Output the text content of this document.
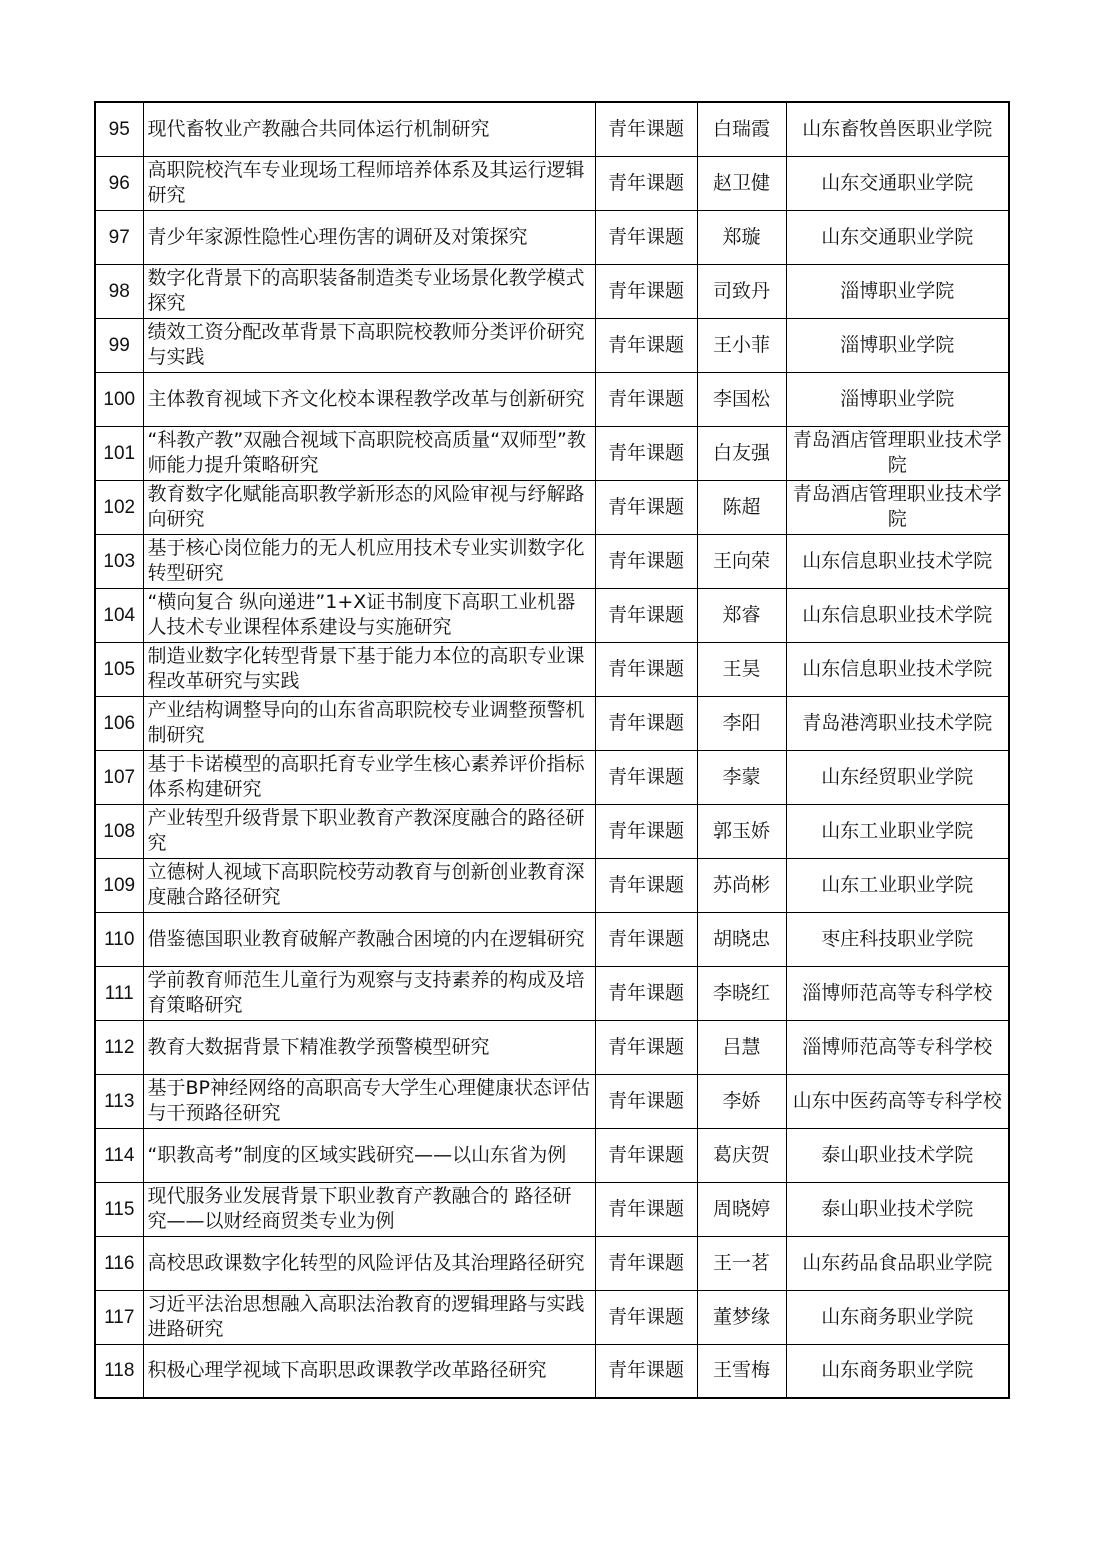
95	现代畜牧业产教融合共同体运行机制研究	青年课题	白瑞霞	山东畜牧兽医职业学院
96	高职院校汽车专业现场工程师培养体系及其运行逻辑研究	青年课题	赵卫健	山东交通职业学院
97	青少年家源性隐性心理伤害的调研及对策探究	青年课题	郑璇	山东交通职业学院
98	数字化背景下的高职装备制造类专业场景化教学模式探究	青年课题	司致丹	淄博职业学院
99	绩效工资分配改革背景下高职院校教师分类评价研究与实践	青年课题	王小菲	淄博职业学院
100	主体教育视域下齐文化校本课程教学改革与创新研究	青年课题	李国松	淄博职业学院
101	“科教产教”双融合视域下高职院校高质量“双师型”教师能力提升策略研究	青年课题	白友强	青岛酒店管理职业技术学院
102	教育数字化赋能高职教学新形态的风险审视与纾解路向研究	青年课题	陈超	青岛酒店管理职业技术学院
103	基于核心岗位能力的无人机应用技术专业实训数字化转型研究	青年课题	王向荣	山东信息职业技术学院
104	“横向复合 纵向递进”1+X证书制度下高职工业机器人技术专业课程体系建设与实施研究	青年课题	郑睿	山东信息职业技术学院
105	制造业数字化转型背景下基于能力本位的高职专业课程改革研究与实践	青年课题	王昊	山东信息职业技术学院
106	产业结构调整导向的山东省高职院校专业调整预警机制研究	青年课题	李阳	青岛港湾职业技术学院
107	基于卡诺模型的高职托育专业学生核心素养评价指标体系构建研究	青年课题	李蒙	山东经贸职业学院
108	产业转型升级背景下职业教育产教深度融合的路径研究	青年课题	郭玉娇	山东工业职业学院
109	立德树人视域下高职院校劳动教育与创新创业教育深度融合路径研究	青年课题	苏尚彬	山东工业职业学院
110	借鉴德国职业教育破解产教融合困境的内在逻辑研究	青年课题	胡晓忠	枣庄科技职业学院
111	学前教育师范生儿童行为观察与支持素养的构成及培育策略研究	青年课题	李晓红	淄博师范高等专科学校
112	教育大数据背景下精准教学预警模型研究	青年课题	吕慧	淄博师范高等专科学校
113	基于BP神经网络的高职高专大学生心理健康状态评估与干预路径研究	青年课题	李娇	山东中医药高等专科学校
114	“职教高考”制度的区域实践研究——以山东省为例	青年课题	葛庆贺	泰山职业技术学院
115	现代服务业发展背景下职业教育产教融合的 路径研究——以财经商贸类专业为例	青年课题	周晓婷	泰山职业技术学院
116	高校思政课数字化转型的风险评估及其治理路径研究	青年课题	王一茗	山东药品食品职业学院
117	习近平法治思想融入高职法治教育的逻辑理路与实践进路研究	青年课题	董梦缘	山东商务职业学院
118	积极心理学视域下高职思政课教学改革路径研究	青年课题	王雪梅	山东商务职业学院
